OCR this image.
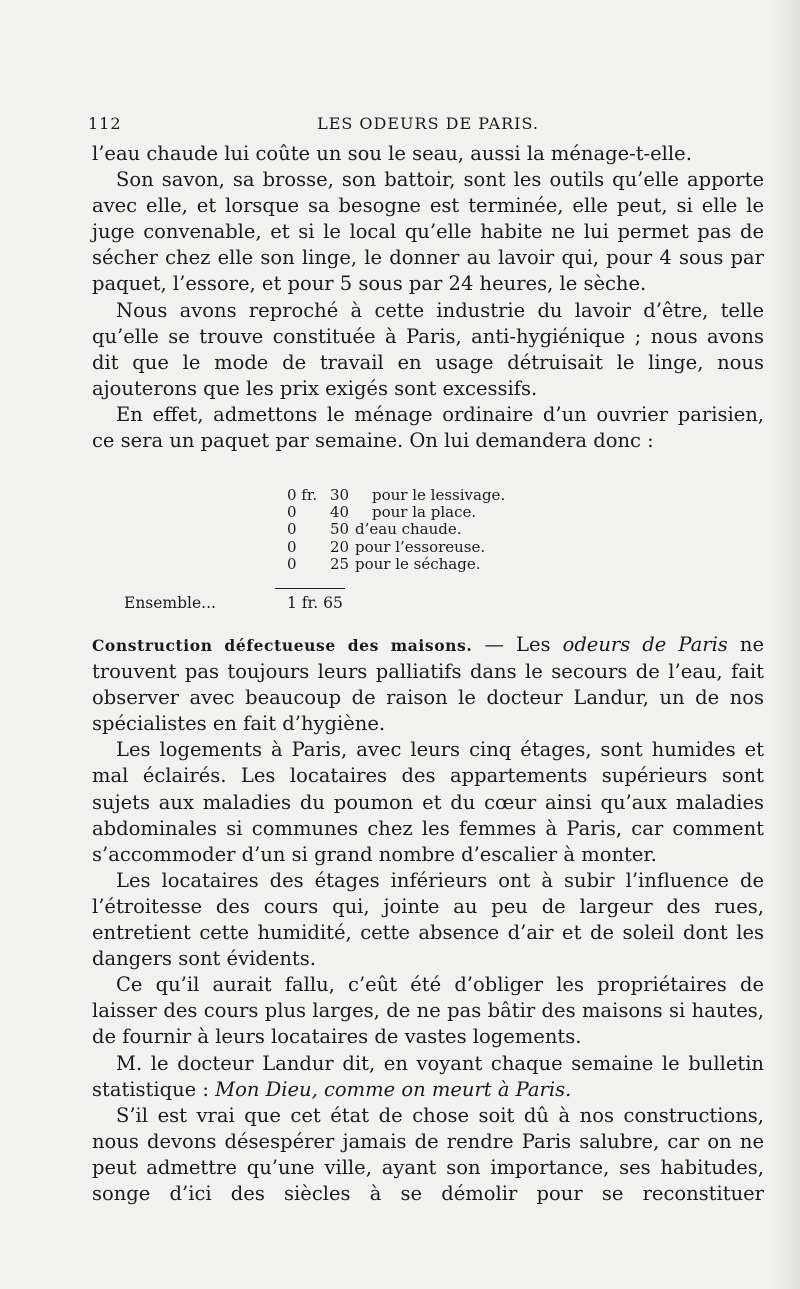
112	LES ODEURS DE PARIS.

l’eau chaude lui coûte un sou le seau, aussi la ménage-t-elle.

Son savon, sa brosse, son battoir, sont les outils qu’elle apporte avec elle, et lorsque sa besogne est terminée, elle peut, si elle le juge convenable, et si le local qu’elle habite ne lui permet pas de sécher chez elle son linge, le donner au lavoir qui, pour 4 sous par paquet, l’essore, et pour 5 sous par 24 heures, le sèche.

Nous avons reproché à cette industrie du lavoir d’être, telle qu’elle se trouve constituée à Paris, anti-hygiénique ; nous avons dit que le mode de travail en usage détruisait le linge, nous ajouterons que les prix exigés sont excessifs.

En effet, admettons le ménage ordinaire d’un ouvrier parisien, ce sera un paquet par semaine. On lui demandera donc :

0 fr. 30 pour le lessivage.
0	40 pour la place.
0	50 d’eau chaude.
0	20 pour l’essoreuse.
0	25 pour le séchage.
Ensemble...	1 fr. 65

Construction défectueuse des maisons. — Les odeurs de Paris ne trouvent pas toujours leurs palliatifs dans le secours de l’eau, fait observer avec beaucoup de raison le docteur Landur, un de nos spécialistes en fait d’hygiène.

Les logements à Paris, avec leurs cinq étages, sont humides et mal éclairés. Les locataires des appartements supérieurs sont sujets aux maladies du poumon et du cœur ainsi qu’aux maladies abdominales si communes chez les femmes à Paris, car comment s’accommoder d’un si grand nombre d’escalier à monter.

Les locataires des étages inférieurs ont à subir l’influence de l’étroitesse des cours qui, jointe au peu de largeur des rues, entretient cette humidité, cette absence d’air et de soleil dont les dangers sont évidents.

Ce qu’il aurait fallu, c’eût été d’obliger les propriétaires de laisser des cours plus larges, de ne pas bâtir des maisons si hautes, de fournir à leurs locataires de vastes logements.

M. le docteur Landur dit, en voyant chaque semaine le bulletin statistique : Mon Dieu, comme on meurt à Paris.

S’il est vrai que cet état de chose soit dû à nos constructions, nous devons désespérer jamais de rendre Paris salubre, car on ne peut admettre qu’une ville, ayant son importance, ses habitudes, songe d’ici des siècles à se démolir pour se reconstituer
